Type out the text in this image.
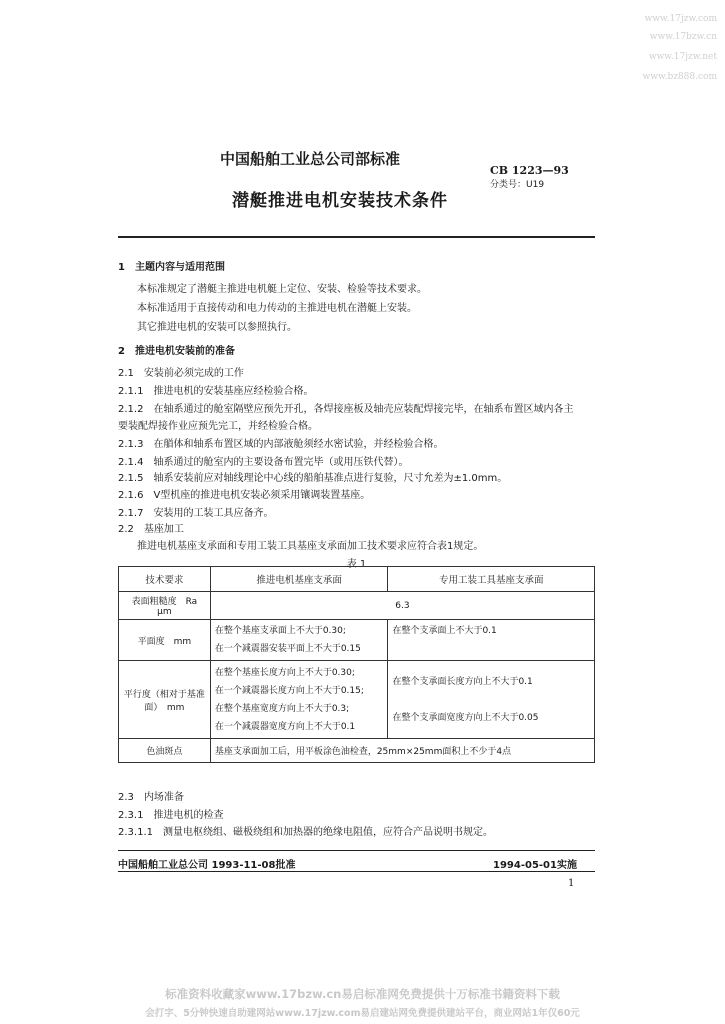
www.17jzw.com
www.17bzw.cn
www.17jzw.net
www.bz888.com
中国船舶工业总公司部标准
CB 1223—93
分类号：U19
潜艇推进电机安装技术条件
1　主题内容与适用范围
本标准规定了潜艇主推进电机艇上定位、安装、检验等技术要求。
本标准适用于直接传动和电力传动的主推进电机在潜艇上安装。
其它推进电机的安装可以参照执行。
2　推进电机安装前的准备
2.1　安装前必须完成的工作
2.1.1　推进电机的安装基座应经检验合格。
2.1.2　在轴系通过的舱室隔壁应预先开孔，各焊接座板及轴壳应装配焊接完毕，在轴系布置区域内各主
要装配焊接作业应预先完工，并经检验合格。
2.1.3　在艏体和轴系布置区域的内部液舱须经水密试验，并经检验合格。
2.1.4　轴系通过的舱室内的主要设备布置完毕（或用压铁代替）。
2.1.5　轴系安装前应对轴线理论中心线的船舶基准点进行复验，尺寸允差为±1.0mm。
2.1.6　V型机座的推进电机安装必须采用镶调装置基座。
2.1.7　安装用的工装工具应备齐。
2.2　基座加工
推进电机基座支承面和专用工装工具基座支承面加工技术要求应符合表1规定。
表 1
技术要求	推进电机基座支承面	专用工装工具基座支承面
表面粗糙度　Ra　μm	6.3	
平面度　mm	在整个基座支承面上不大于0.30;
在一个减震器安装平面上不大于0.15	在整个支承面上不大于0.1

平行度（相对于基准面）　mm	在整个基座长度方向上不大于0.30;
在一个减震器长度方向上不大于0.15;
在整个基座宽度方向上不大于0.3;
在一个减震器宽度方向上不大于0.1	在整个支承面长度方向上不大于0.1
在整个支承面宽度方向上不大于0.05

色油斑点	基座支承面加工后，用平板涂色油检查，25mm×25mm面积上不少于4点	
2.3　内场准备
2.3.1　推进电机的检查
2.3.1.1　测量电枢绕组、磁极绕组和加热器的绝缘电阻值，应符合产品说明书规定。
中国船舶工业总公司 1993-11-08批准	1994-05-01实施
1
标准资料收藏家www.17bzw.cn易启标准网免费提供十万标准书籍资料下载
会打字、5分钟快速自助建网站www.17jzw.com易启建站网免费提供建站平台，商业网站1年仅60元
